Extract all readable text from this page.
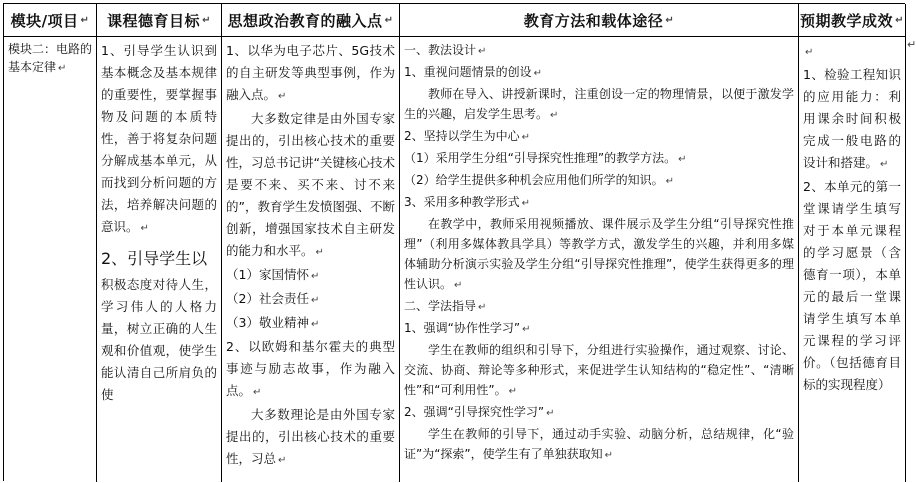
模块/项目 ↵ 课程德育目标 ↵ 思想政治教育的融入点 ↵	教育方法和载体途径 ↵	预期教学成效 ↵

模块二：电路的基本定律 ↵

1、引导学生认识到基本概念及基本规律的重要性，要掌握事物及问题的本质特性，善于将复杂问题分解成基本单元，从而找到分析问题的方法，培养解决问题的意识。 ↵

2、引导学生以

积极态度对待人生，学习伟人的人格力量，树立正确的人生观和价值观，使学生能认清自己所肩负的使

1、以华为电子芯片、5G技术的自主研发等典型事例，作为融入点。 ↵

大多数定律是由外国专家提出的，引出核心技术的重要性，习总书记讲“关键核心技术是要不来、买不来、讨不来的”，教育学生发愤图强、不断创新，增强国家技术自主研发的能力和水平。 ↵

（1）家国情怀 ↵

（2）社会责任 ↵

（3）敬业精神 ↵

2、以欧姆和基尔霍夫的典型事迹与励志故事，作为融入点。 ↵

大多数理论是由外国专家提出的，引出核心技术的重要性，习总 ↵

一、教法设计 ↵

1、重视问题情景的创设 ↵

教师在导入、讲授新课时，注重创设一定的物理情景，以便于激发学生的兴趣，启发学生思考。 ↵

2、坚持以学生为中心 ↵

（1）采用学生分组“引导探究性推理”的教学方法。 ↵

（2）给学生提供多种机会应用他们所学的知识。 ↵

3、采用多种教学形式 ↵

在教学中，教师采用视频播放、课件展示及学生分组“引导探究性推理”（利用多媒体教具学具）等教学方式，激发学生的兴趣，并利用多媒体辅助分析演示实验及学生分组“引导探究性推理”，使学生获得更多的理性认识。 ↵

二、学法指导 ↵

1、强调“协作性学习” ↵

学生在教师的组织和引导下，分组进行实验操作，通过观察、讨论、交流、协商、辩论等多种形式，来促进学生认知结构的“稳定性”、“清晰性”和“可利用性”。 ↵

2、强调“引导探究性学习” ↵

学生在教师的引导下，通过动手实验、动脑分析，总结规律，化“验证”为“探索”，使学生有了单独获取知 ↵

↵

1、检验工程知识的应用能力：利用课余时间积极完成一般电路的设计和搭建。 ↵

2、本单元的第一堂课请学生填写对于本单元课程的学习愿景（含德育一项），本单元的最后一堂课请学生填写本单元课程的学习评价。（包括德育目标的实现程度）

↵
